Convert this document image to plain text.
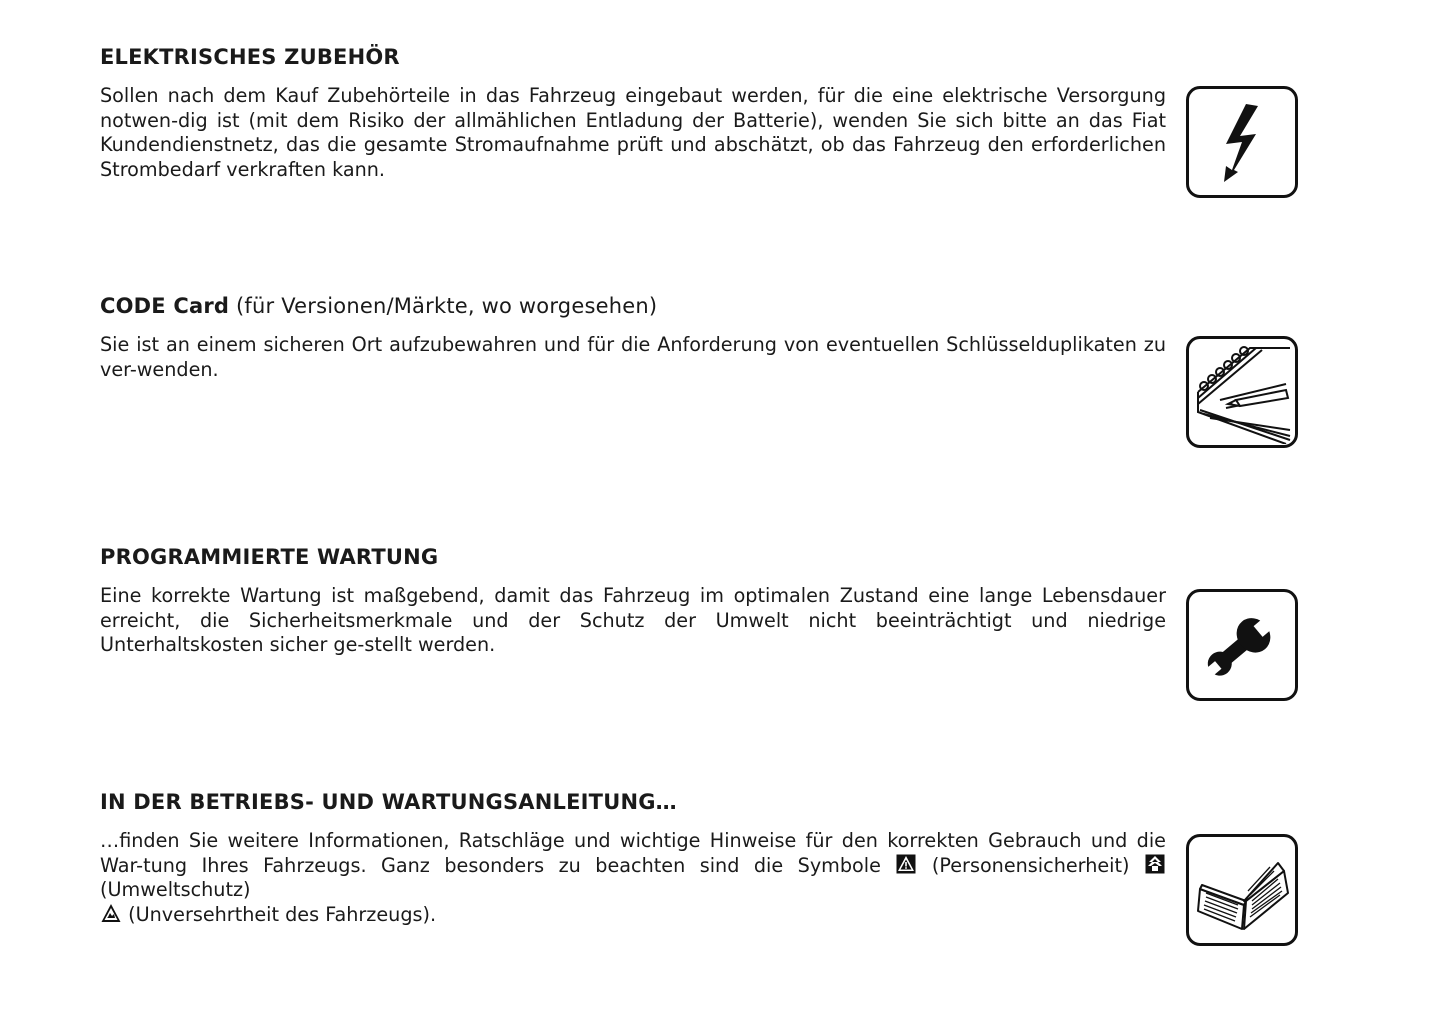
ELEKTRISCHES ZUBEHÖR

Sollen nach dem Kauf Zubehörteile in das Fahrzeug eingebaut werden, für die eine elektrische Versorgung notwen-dig ist (mit dem Risiko der allmählichen Entladung der Batterie), wenden Sie sich bitte an das Fiat Kundendienstnetz, das die gesamte Stromaufnahme prüft und abschätzt, ob das Fahrzeug den erforderlichen Strombedarf verkraften kann.

CODE Card (für Versionen/Märkte, wo worgesehen)

Sie ist an einem sicheren Ort aufzubewahren und für die Anforderung von eventuellen Schlüsselduplikaten zu ver-wenden.

PROGRAMMIERTE WARTUNG

Eine korrekte Wartung ist maßgebend, damit das Fahrzeug im optimalen Zustand eine lange Lebensdauer erreicht, die Sicherheitsmerkmale und der Schutz der Umwelt nicht beeinträchtigt und niedrige Unterhaltskosten sicher ge-stellt werden.

IN DER BETRIEBS- UND WARTUNGSANLEITUNG…

…finden Sie weitere Informationen, Ratschläge und wichtige Hinweise für den korrekten Gebrauch und die War-tung Ihres Fahrzeugs. Ganz besonders zu beachten sind die Symbole  (Personensicherheit)  (Umweltschutz)
(Unversehrtheit des Fahrzeugs).
